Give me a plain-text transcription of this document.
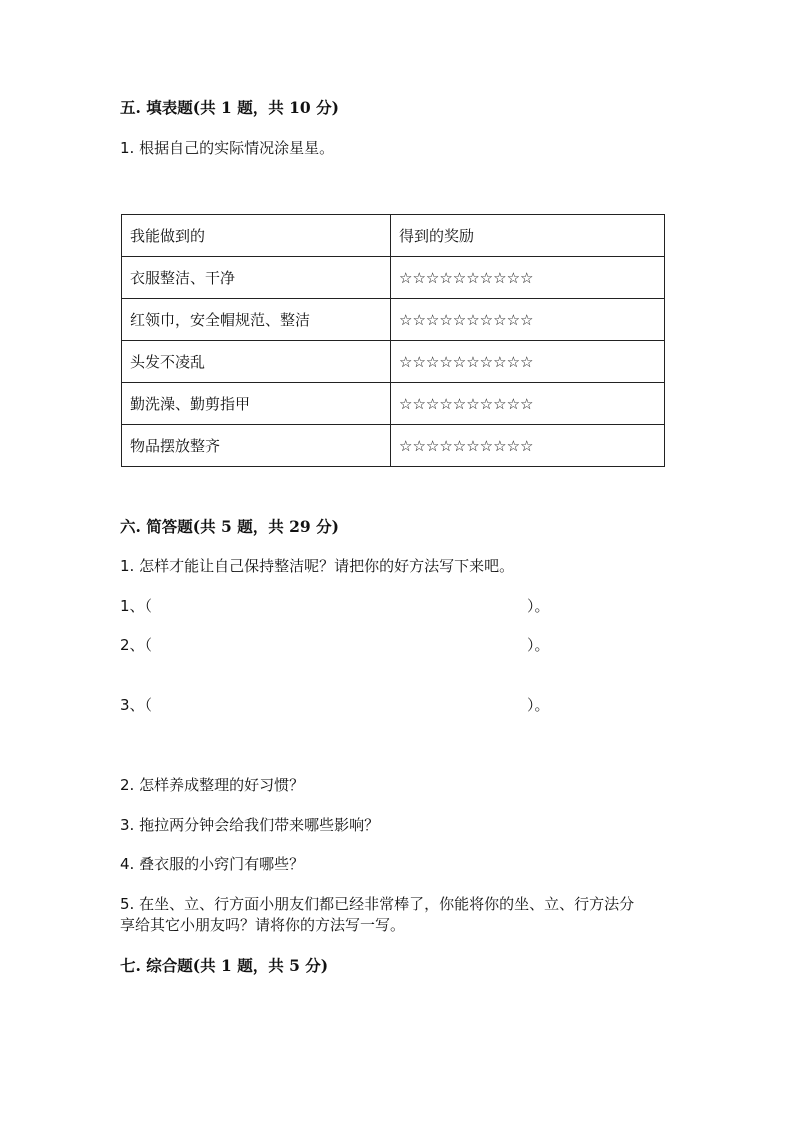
五. 填表题(共 1 题，共 10 分)
1. 根据自己的实际情况涂星星。
我能做到的	得到的奖励
衣服整洁、干净	☆☆☆☆☆☆☆☆☆☆
红领巾，安全帽规范、整洁	☆☆☆☆☆☆☆☆☆☆
头发不凌乱	☆☆☆☆☆☆☆☆☆☆
勤洗澡、勤剪指甲	☆☆☆☆☆☆☆☆☆☆
物品摆放整齐	☆☆☆☆☆☆☆☆☆☆
六. 简答题(共 5 题，共 29 分)
1. 怎样才能让自己保持整洁呢？请把你的好方法写下来吧。
1、（	）。
2、（	）。
3、（	）。
2. 怎样养成整理的好习惯？
3. 拖拉两分钟会给我们带来哪些影响？
4. 叠衣服的小窍门有哪些？
5. 在坐、立、行方面小朋友们都已经非常棒了，你能将你的坐、立、行方法分
享给其它小朋友吗？请将你的方法写一写。
七. 综合题(共 1 题，共 5 分)
